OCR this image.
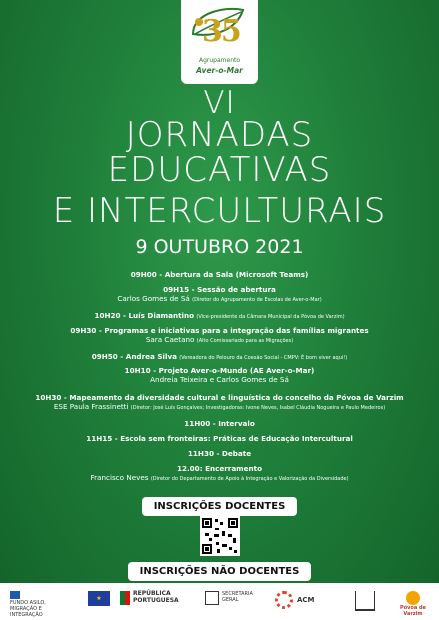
35
Agrupamento
Aver-o-Mar
VI
JORNADAS
EDUCATIVAS
E INTERCULTURAIS
9 OUTUBRO 2021
09H00 - Abertura da Sala (Microsoft Teams)
09H15 - Sessão de abertura
Carlos Gomes de Sá (Diretor do Agrupamento de Escolas de Aver-o-Mar)
10H20 - Luís Diamantino (Vice-presidente da Câmara Municipal da Póvoa de Varzim)
09H30 - Programas e iniciativas para a integração das famílias migrantes
Sara Caetano (Alto Comissariado para as Migrações)
09H50 - Andrea Silva (Vereadora do Pelouro da Coesão Social - CMPV: É bom viver aqui!)
10H10 - Projeto Aver-o-Mundo (AE Aver-o-Mar)
Andreia Teixeira e Carlos Gomes de Sá
10H30 - Mapeamento da diversidade cultural e linguística do concelho da Póvoa de Varzim
ESE Paula Frassinetti (Diretor: José Luís Gonçalves; Investigadoras: Ivone Neves, Isabel Cláudia Nogueira e Paulo Medeiros)
11H00 - Intervalo
11H15 - Escola sem fronteiras: Práticas de Educação Intercultural
11H30 - Debate
12.00: Encerramento
Francisco Neves (Diretor do Departamento de Apoio à Integração e Valorização da Diversidade)
INSCRIÇÕES DOCENTES
INSCRIÇÕES NÃO DOCENTES
FUNDO ASILO, MIGRAÇÃO E INTEGRAÇÃO
★
REPÚBLICA PORTUGUESA
SECRETARIA GERAL	ACM
Póvoa de Varzim
